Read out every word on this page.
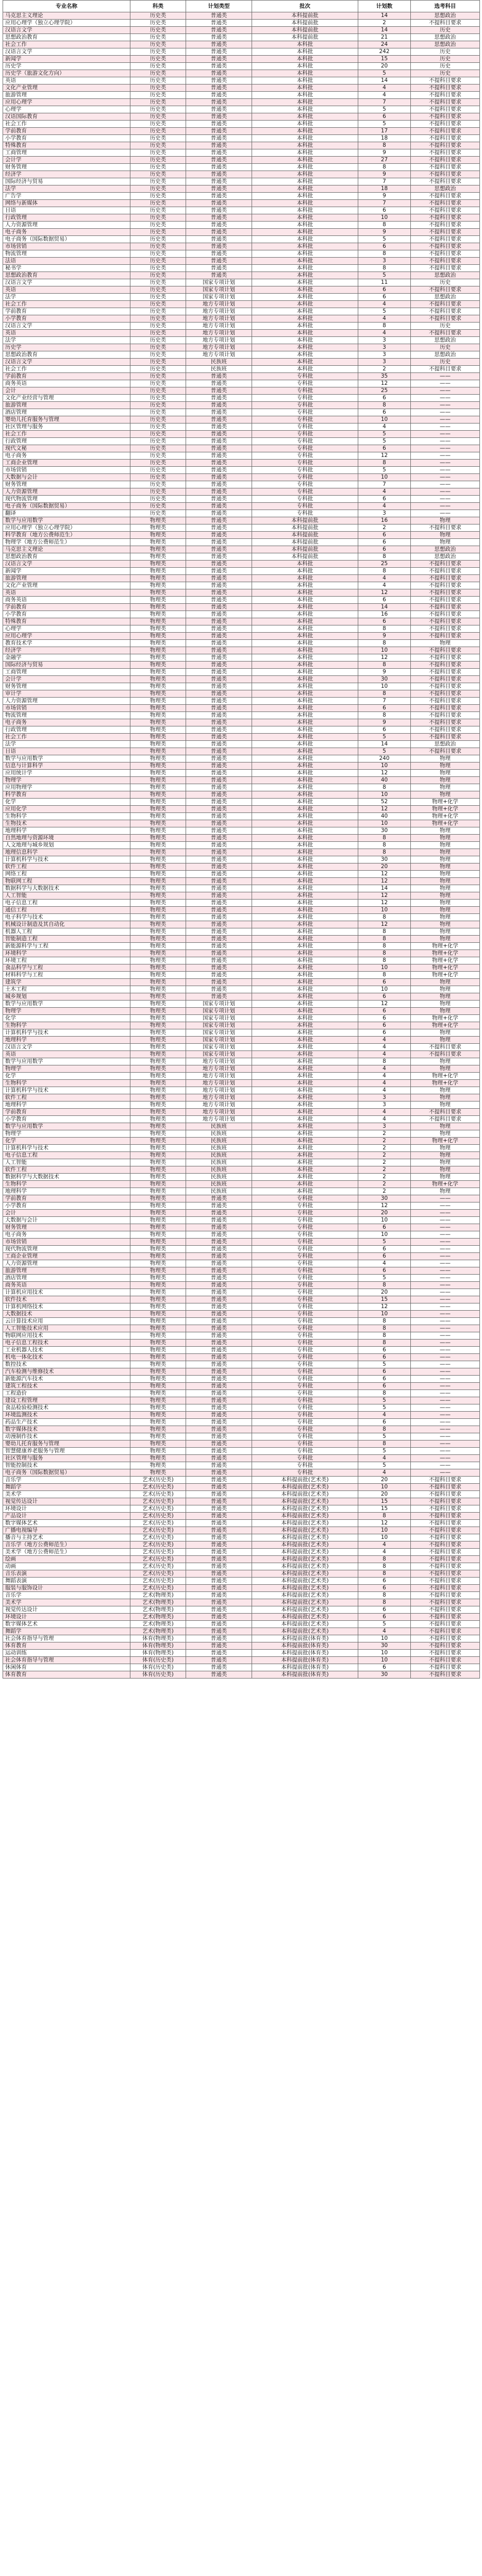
专业名称	科类	计划类型	批次	计划数	选考科目
马克思主义理论	历史类	普通类	本科提前批	14	思想政治
应用心理学（独立心理学院）	历史类	普通类	本科提前批	2	不提科目要求
汉语言文学	历史类	普通类	本科提前批	14	历史
思想政治教育	历史类	普通类	本科提前批	21	思想政治
社会工作	历史类	普通类	本科批	24	思想政治
汉语言文学	历史类	普通类	本科批	242	历史
新闻学	历史类	普通类	本科批	15	历史
历史学	历史类	普通类	本科批	20	历史
历史学（旅游文化方向）	历史类	普通类	本科批	5	历史
英语	历史类	普通类	本科批	14	不提科目要求
文化产业管理	历史类	普通类	本科批	4	不提科目要求
旅游管理	历史类	普通类	本科批	4	不提科目要求
应用心理学	历史类	普通类	本科批	7	不提科目要求
心理学	历史类	普通类	本科批	5	不提科目要求
汉语国际教育	历史类	普通类	本科批	6	不提科目要求
社会工作	历史类	普通类	本科批	5	不提科目要求
学前教育	历史类	普通类	本科批	17	不提科目要求
小学教育	历史类	普通类	本科批	18	不提科目要求
特殊教育	历史类	普通类	本科批	8	不提科目要求
工商管理	历史类	普通类	本科批	9	不提科目要求
会计学	历史类	普通类	本科批	27	不提科目要求
财务管理	历史类	普通类	本科批	8	不提科目要求
经济学	历史类	普通类	本科批	9	不提科目要求
国际经济与贸易	历史类	普通类	本科批	7	不提科目要求
法学	历史类	普通类	本科批	18	思想政治
广告学	历史类	普通类	本科批	9	不提科目要求
网络与新媒体	历史类	普通类	本科批	7	不提科目要求
日语	历史类	普通类	本科批	6	不提科目要求
行政管理	历史类	普通类	本科批	10	不提科目要求
人力资源管理	历史类	普通类	本科批	8	不提科目要求
电子商务	历史类	普通类	本科批	9	不提科目要求
电子商务（国际数据贸易）	历史类	普通类	本科批	5	不提科目要求
市场营销	历史类	普通类	本科批	6	不提科目要求
物流管理	历史类	普通类	本科批	8	不提科目要求
法语	历史类	普通类	本科批	3	不提科目要求
秘书学	历史类	普通类	本科批	8	不提科目要求
思想政治教育	历史类	普通类	本科批	5	思想政治
汉语言文学	历史类	国家专项计划	本科批	11	历史
英语	历史类	国家专项计划	本科批	6	不提科目要求
法学	历史类	国家专项计划	本科批	6	思想政治
社会工作	历史类	地方专项计划	本科批	4	不提科目要求
学前教育	历史类	地方专项计划	本科批	5	不提科目要求
小学教育	历史类	地方专项计划	本科批	4	不提科目要求
汉语言文学	历史类	地方专项计划	本科批	8	历史
英语	历史类	地方专项计划	本科批	4	不提科目要求
法学	历史类	地方专项计划	本科批	3	思想政治
历史学	历史类	地方专项计划	本科批	3	历史
思想政治教育	历史类	地方专项计划	本科批	3	思想政治
汉语言文学	历史类	民族班	本科批	3	历史
社会工作	历史类	民族班	本科批	2	不提科目要求
学前教育	历史类	普通类	专科批	35	——
商务英语	历史类	普通类	专科批	12	——
会计	历史类	普通类	专科批	25	——
文化产业经营与管理	历史类	普通类	专科批	6	——
旅游管理	历史类	普通类	专科批	8	——
酒店管理	历史类	普通类	专科批	6	——
婴幼儿托育服务与管理	历史类	普通类	专科批	10	——
社区管理与服务	历史类	普通类	专科批	4	——
社会工作	历史类	普通类	专科批	5	——
行政管理	历史类	普通类	专科批	5	——
现代文秘	历史类	普通类	专科批	6	——
电子商务	历史类	普通类	专科批	12	——
工商企业管理	历史类	普通类	专科批	8	——
市场营销	历史类	普通类	专科批	5	——
大数据与会计	历史类	普通类	专科批	10	——
财务管理	历史类	普通类	专科批	7	——
人力资源管理	历史类	普通类	专科批	4	——
现代物流管理	历史类	普通类	专科批	6	——
电子商务（国际数据贸易）	历史类	普通类	专科批	4	——
翻译	历史类	普通类	专科批	3	——
数学与应用数学	物理类	普通类	本科提前批	16	物理
应用心理学（独立心理学院）	物理类	普通类	本科提前批	2	不提科目要求
科学教育（地方公费师范生）	物理类	普通类	本科提前批	6	物理
物理学（地方公费师范生）	物理类	普通类	本科提前批	6	物理
马克思主义理论	物理类	普通类	本科提前批	6	思想政治
思想政治教育	物理类	普通类	本科提前批	8	思想政治
汉语言文学	物理类	普通类	本科批	25	不提科目要求
新闻学	物理类	普通类	本科批	8	不提科目要求
旅游管理	物理类	普通类	本科批	4	不提科目要求
文化产业管理	物理类	普通类	本科批	4	不提科目要求
英语	物理类	普通类	本科批	12	不提科目要求
商务英语	物理类	普通类	本科批	6	不提科目要求
学前教育	物理类	普通类	本科批	14	不提科目要求
小学教育	物理类	普通类	本科批	16	不提科目要求
特殊教育	物理类	普通类	本科批	6	不提科目要求
心理学	物理类	普通类	本科批	8	不提科目要求
应用心理学	物理类	普通类	本科批	9	不提科目要求
教育技术学	物理类	普通类	本科批	8	物理
经济学	物理类	普通类	本科批	10	不提科目要求
金融学	物理类	普通类	本科批	12	不提科目要求
国际经济与贸易	物理类	普通类	本科批	8	不提科目要求
工商管理	物理类	普通类	本科批	9	不提科目要求
会计学	物理类	普通类	本科批	30	不提科目要求
财务管理	物理类	普通类	本科批	10	不提科目要求
审计学	物理类	普通类	本科批	8	不提科目要求
人力资源管理	物理类	普通类	本科批	7	不提科目要求
市场营销	物理类	普通类	本科批	6	不提科目要求
物流管理	物理类	普通类	本科批	8	不提科目要求
电子商务	物理类	普通类	本科批	9	不提科目要求
行政管理	物理类	普通类	本科批	6	不提科目要求
社会工作	物理类	普通类	本科批	5	不提科目要求
法学	物理类	普通类	本科批	14	思想政治
日语	物理类	普通类	本科批	5	不提科目要求
数学与应用数学	物理类	普通类	本科批	240	物理
信息与计算科学	物理类	普通类	本科批	10	物理
应用统计学	物理类	普通类	本科批	12	物理
物理学	物理类	普通类	本科批	40	物理
应用物理学	物理类	普通类	本科批	8	物理
科学教育	物理类	普通类	本科批	10	物理
化学	物理类	普通类	本科批	52	物理+化学
应用化学	物理类	普通类	本科批	12	物理+化学
生物科学	物理类	普通类	本科批	40	物理+化学
生物技术	物理类	普通类	本科批	10	物理+化学
地理科学	物理类	普通类	本科批	30	物理
自然地理与资源环境	物理类	普通类	本科批	8	物理
人文地理与城乡规划	物理类	普通类	本科批	8	物理
地理信息科学	物理类	普通类	本科批	8	物理
计算机科学与技术	物理类	普通类	本科批	30	物理
软件工程	物理类	普通类	本科批	20	物理
网络工程	物理类	普通类	本科批	12	物理
物联网工程	物理类	普通类	本科批	12	物理
数据科学与大数据技术	物理类	普通类	本科批	14	物理
人工智能	物理类	普通类	本科批	12	物理
电子信息工程	物理类	普通类	本科批	12	物理
通信工程	物理类	普通类	本科批	10	物理
电子科学与技术	物理类	普通类	本科批	8	物理
机械设计制造及其自动化	物理类	普通类	本科批	12	物理
机器人工程	物理类	普通类	本科批	8	物理
智能制造工程	物理类	普通类	本科批	8	物理
新能源科学与工程	物理类	普通类	本科批	8	物理+化学
环境科学	物理类	普通类	本科批	8	物理+化学
环境工程	物理类	普通类	本科批	8	物理+化学
食品科学与工程	物理类	普通类	本科批	10	物理+化学
材料科学与工程	物理类	普通类	本科批	8	物理+化学
建筑学	物理类	普通类	本科批	6	物理
土木工程	物理类	普通类	本科批	10	物理
城乡规划	物理类	普通类	本科批	6	物理
数学与应用数学	物理类	国家专项计划	本科批	12	物理
物理学	物理类	国家专项计划	本科批	6	物理
化学	物理类	国家专项计划	本科批	6	物理+化学
生物科学	物理类	国家专项计划	本科批	6	物理+化学
计算机科学与技术	物理类	国家专项计划	本科批	6	物理
地理科学	物理类	国家专项计划	本科批	4	物理
汉语言文学	物理类	国家专项计划	本科批	4	不提科目要求
英语	物理类	国家专项计划	本科批	4	不提科目要求
数学与应用数学	物理类	地方专项计划	本科批	8	物理
物理学	物理类	地方专项计划	本科批	4	物理
化学	物理类	地方专项计划	本科批	4	物理+化学
生物科学	物理类	地方专项计划	本科批	4	物理+化学
计算机科学与技术	物理类	地方专项计划	本科批	4	物理
软件工程	物理类	地方专项计划	本科批	3	物理
地理科学	物理类	地方专项计划	本科批	3	物理
学前教育	物理类	地方专项计划	本科批	4	不提科目要求
小学教育	物理类	地方专项计划	本科批	4	不提科目要求
数学与应用数学	物理类	民族班	本科批	3	物理
物理学	物理类	民族班	本科批	2	物理
化学	物理类	民族班	本科批	2	物理+化学
计算机科学与技术	物理类	民族班	本科批	2	物理
电子信息工程	物理类	民族班	本科批	2	物理
人工智能	物理类	民族班	本科批	2	物理
软件工程	物理类	民族班	本科批	2	物理
数据科学与大数据技术	物理类	民族班	本科批	2	物理
生物科学	物理类	民族班	本科批	2	物理+化学
地理科学	物理类	民族班	本科批	2	物理
学前教育	物理类	普通类	专科批	30	——
小学教育	物理类	普通类	专科批	12	——
会计	物理类	普通类	专科批	20	——
大数据与会计	物理类	普通类	专科批	10	——
财务管理	物理类	普通类	专科批	6	——
电子商务	物理类	普通类	专科批	10	——
市场营销	物理类	普通类	专科批	5	——
现代物流管理	物理类	普通类	专科批	6	——
工商企业管理	物理类	普通类	专科批	6	——
人力资源管理	物理类	普通类	专科批	4	——
旅游管理	物理类	普通类	专科批	6	——
酒店管理	物理类	普通类	专科批	5	——
商务英语	物理类	普通类	专科批	8	——
计算机应用技术	物理类	普通类	专科批	20	——
软件技术	物理类	普通类	专科批	15	——
计算机网络技术	物理类	普通类	专科批	12	——
大数据技术	物理类	普通类	专科批	10	——
云计算技术应用	物理类	普通类	专科批	8	——
人工智能技术应用	物理类	普通类	专科批	8	——
物联网应用技术	物理类	普通类	专科批	8	——
电子信息工程技术	物理类	普通类	专科批	8	——
工业机器人技术	物理类	普通类	专科批	6	——
机电一体化技术	物理类	普通类	专科批	6	——
数控技术	物理类	普通类	专科批	5	——
汽车检测与维修技术	物理类	普通类	专科批	6	——
新能源汽车技术	物理类	普通类	专科批	6	——
建筑工程技术	物理类	普通类	专科批	6	——
工程造价	物理类	普通类	专科批	8	——
建设工程管理	物理类	普通类	专科批	5	——
食品检验检测技术	物理类	普通类	专科批	5	——
环境监测技术	物理类	普通类	专科批	4	——
药品生产技术	物理类	普通类	专科批	6	——
数字媒体技术	物理类	普通类	专科批	8	——
动漫制作技术	物理类	普通类	专科批	5	——
婴幼儿托育服务与管理	物理类	普通类	专科批	8	——
智慧健康养老服务与管理	物理类	普通类	专科批	5	——
社区管理与服务	物理类	普通类	专科批	4	——
智能控制技术	物理类	普通类	专科批	5	——
电子商务（国际数据贸易）	物理类	普通类	专科批	4	——
音乐学	艺术(历史类)	普通类	本科提前批(艺术类)	20	不提科目要求
舞蹈学	艺术(历史类)	普通类	本科提前批(艺术类)	10	不提科目要求
美术学	艺术(历史类)	普通类	本科提前批(艺术类)	20	不提科目要求
视觉传达设计	艺术(历史类)	普通类	本科提前批(艺术类)	15	不提科目要求
环境设计	艺术(历史类)	普通类	本科提前批(艺术类)	15	不提科目要求
产品设计	艺术(历史类)	普通类	本科提前批(艺术类)	8	不提科目要求
数字媒体艺术	艺术(历史类)	普通类	本科提前批(艺术类)	12	不提科目要求
广播电视编导	艺术(历史类)	普通类	本科提前批(艺术类)	10	不提科目要求
播音与主持艺术	艺术(历史类)	普通类	本科提前批(艺术类)	10	不提科目要求
音乐学（地方公费师范生）	艺术(历史类)	普通类	本科提前批(艺术类)	4	不提科目要求
美术学（地方公费师范生）	艺术(历史类)	普通类	本科提前批(艺术类)	4	不提科目要求
绘画	艺术(历史类)	普通类	本科提前批(艺术类)	8	不提科目要求
动画	艺术(历史类)	普通类	本科提前批(艺术类)	8	不提科目要求
音乐表演	艺术(历史类)	普通类	本科提前批(艺术类)	8	不提科目要求
舞蹈表演	艺术(历史类)	普通类	本科提前批(艺术类)	6	不提科目要求
服装与服饰设计	艺术(历史类)	普通类	本科提前批(艺术类)	6	不提科目要求
音乐学	艺术(物理类)	普通类	本科提前批(艺术类)	8	不提科目要求
美术学	艺术(物理类)	普通类	本科提前批(艺术类)	8	不提科目要求
视觉传达设计	艺术(物理类)	普通类	本科提前批(艺术类)	6	不提科目要求
环境设计	艺术(物理类)	普通类	本科提前批(艺术类)	6	不提科目要求
数字媒体艺术	艺术(物理类)	普通类	本科提前批(艺术类)	5	不提科目要求
舞蹈学	艺术(物理类)	普通类	本科提前批(艺术类)	4	不提科目要求
社会体育指导与管理	体育(物理类)	普通类	本科提前批(体育类)	10	不提科目要求
体育教育	体育(物理类)	普通类	本科提前批(体育类)	30	不提科目要求
运动训练	体育(物理类)	普通类	本科提前批(体育类)	10	不提科目要求
社会体育指导与管理	体育(历史类)	普通类	本科提前批(体育类)	10	不提科目要求
休闲体育	体育(历史类)	普通类	本科提前批(体育类)	6	不提科目要求
体育教育	体育(历史类)	普通类	本科提前批(体育类)	30	不提科目要求
